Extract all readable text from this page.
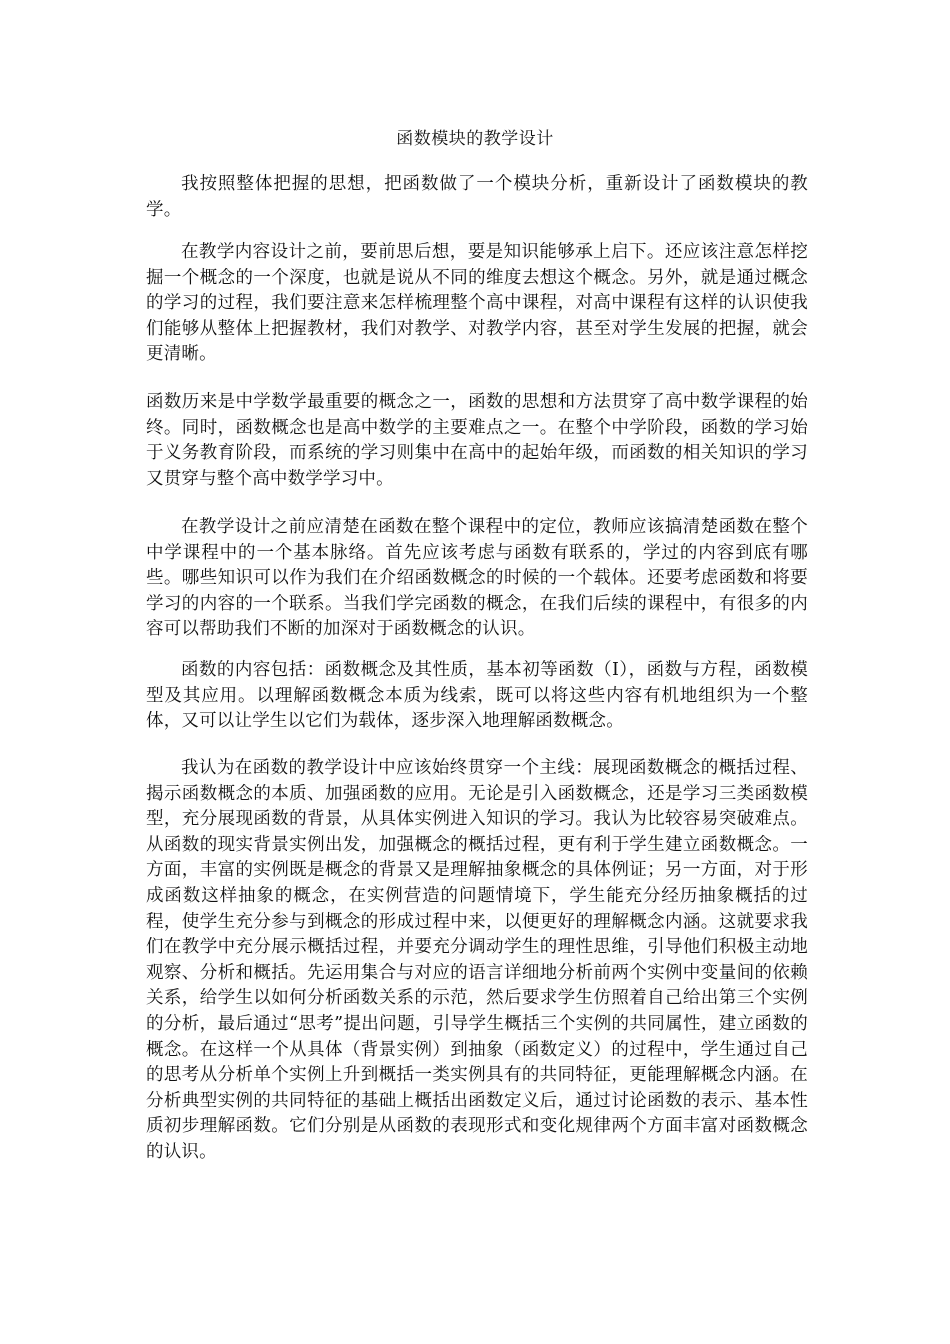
函数模块的教学设计

我按照整体把握的思想，把函数做了一个模块分析，重新设计了函数模块的教学。

在教学内容设计之前，要前思后想，要是知识能够承上启下。还应该注意怎样挖掘一个概念的一个深度，也就是说从不同的维度去想这个概念。另外，就是通过概念的学习的过程，我们要注意来怎样梳理整个高中课程，对高中课程有这样的认识使我们能够从整体上把握教材，我们对教学、对教学内容，甚至对学生发展的把握，就会更清晰。

函数历来是中学数学最重要的概念之一，函数的思想和方法贯穿了高中数学课程的始终。同时，函数概念也是高中数学的主要难点之一。在整个中学阶段，函数的学习始于义务教育阶段，而系统的学习则集中在高中的起始年级，而函数的相关知识的学习又贯穿与整个高中数学学习中。

在教学设计之前应清楚在函数在整个课程中的定位，教师应该搞清楚函数在整个中学课程中的一个基本脉络。首先应该考虑与函数有联系的，学过的内容到底有哪些。哪些知识可以作为我们在介绍函数概念的时候的一个载体。还要考虑函数和将要学习的内容的一个联系。当我们学完函数的概念，在我们后续的课程中，有很多的内容可以帮助我们不断的加深对于函数概念的认识。

函数的内容包括：函数概念及其性质，基本初等函数（Ⅰ），函数与方程，函数模型及其应用。以理解函数概念本质为线索，既可以将这些内容有机地组织为一个整体，又可以让学生以它们为载体，逐步深入地理解函数概念。

我认为在函数的教学设计中应该始终贯穿一个主线：展现函数概念的概括过程、揭示函数概念的本质、加强函数的应用。无论是引入函数概念，还是学习三类函数模型，充分展现函数的背景，从具体实例进入知识的学习。我认为比较容易突破难点。从函数的现实背景实例出发，加强概念的概括过程，更有利于学生建立函数概念。一方面，丰富的实例既是概念的背景又是理解抽象概念的具体例证；另一方面，对于形成函数这样抽象的概念，在实例营造的问题情境下，学生能充分经历抽象概括的过程，使学生充分参与到概念的形成过程中来，以便更好的理解概念内涵。这就要求我们在教学中充分展示概括过程，并要充分调动学生的理性思维，引导他们积极主动地观察、分析和概括。先运用集合与对应的语言详细地分析前两个实例中变量间的依赖关系，给学生以如何分析函数关系的示范，然后要求学生仿照着自己给出第三个实例的分析，最后通过“思考”提出问题，引导学生概括三个实例的共同属性，建立函数的概念。在这样一个从具体（背景实例）到抽象（函数定义）的过程中，学生通过自己的思考从分析单个实例上升到概括一类实例具有的共同特征，更能理解概念内涵。在分析典型实例的共同特征的基础上概括出函数定义后，通过讨论函数的表示、基本性质初步理解函数。它们分别是从函数的表现形式和变化规律两个方面丰富对函数概念的认识。
